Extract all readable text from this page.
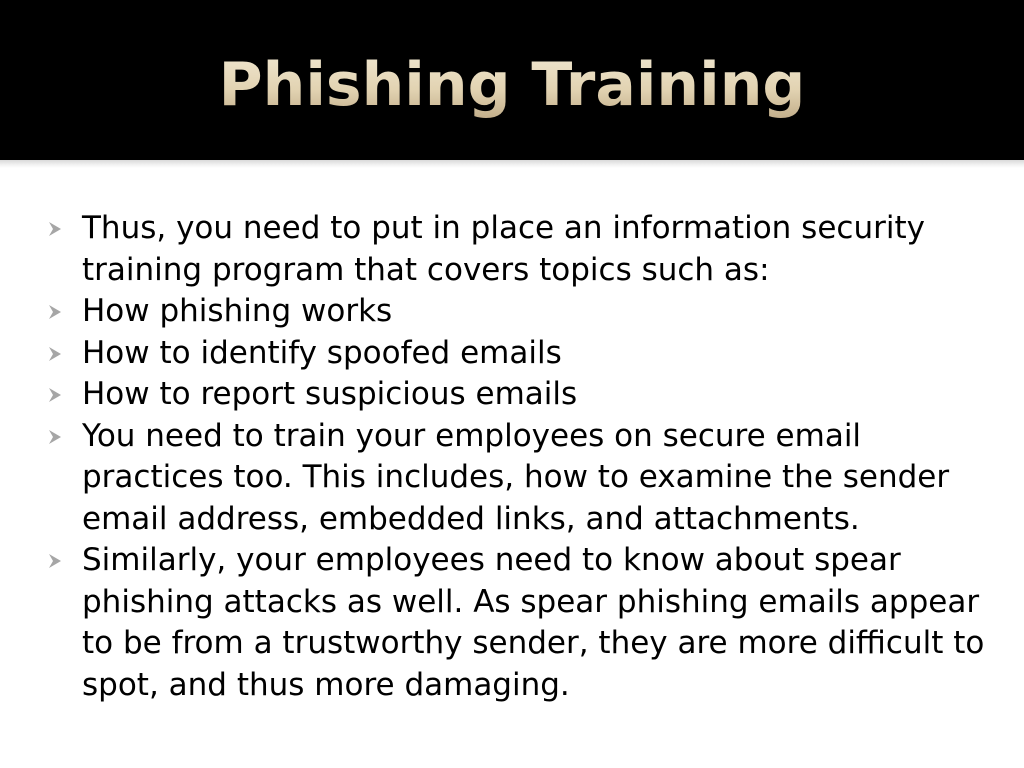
Phishing Training
Thus, you need to put in place an information security training program that covers topics such as:
How phishing works
How to identify spoofed emails
How to report suspicious emails
You need to train your employees on secure email practices too. This includes, how to examine the sender email address, embedded links, and attachments.
Similarly, your employees need to know about spear phishing attacks as well. As spear phishing emails appear to be from a trustworthy sender, they are more difficult to spot, and thus more damaging.
